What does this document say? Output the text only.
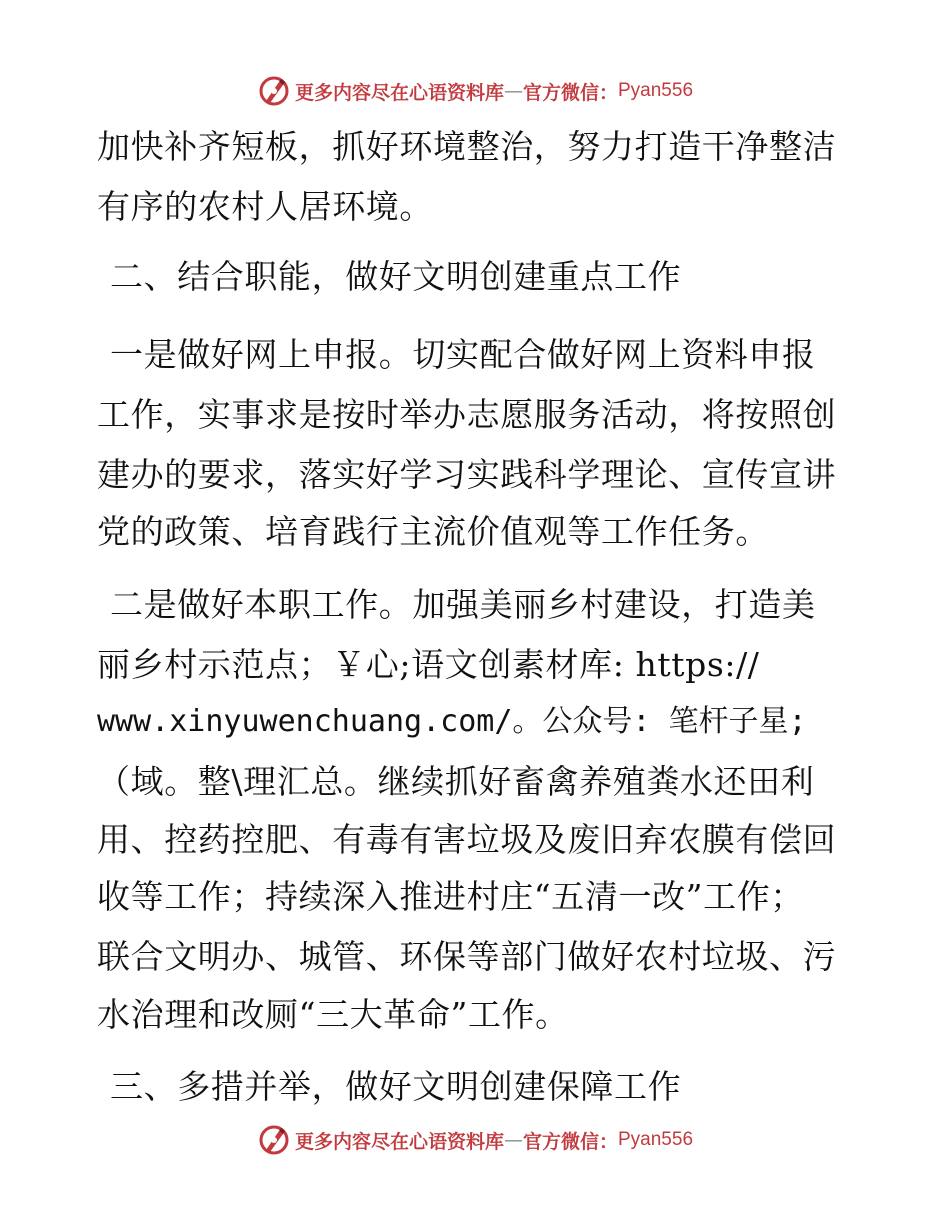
更多内容尽在心语资料库 — 官方微信： Pyan556
加快补齐短板，抓好环境整治，努力打造干净整洁
有序的农村人居环境。
二、结合职能，做好文明创建重点工作
一是做好网上申报。切实配合做好网上资料申报
工作，实事求是按时举办志愿服务活动，将按照创
建办的要求，落实好学习实践科学理论、宣传宣讲
党的政策、培育践行主流价值观等工作任务。
二是做好本职工作。加强美丽乡村建设，打造美
丽乡村示范点；￥心;语文创素材库: https://
www.xinyuwenchuang.com/。公众号: 笔杆子星;
（域。整\理汇总。继续抓好畜禽养殖粪水还田利
用、控药控肥、有毒有害垃圾及废旧弃农膜有偿回
收等工作；持续深入推进村庄“五清一改”工作；
联合文明办、城管、环保等部门做好农村垃圾、污
水治理和改厕“三大革命”工作。
三、多措并举，做好文明创建保障工作
更多内容尽在心语资料库 — 官方微信： Pyan556
